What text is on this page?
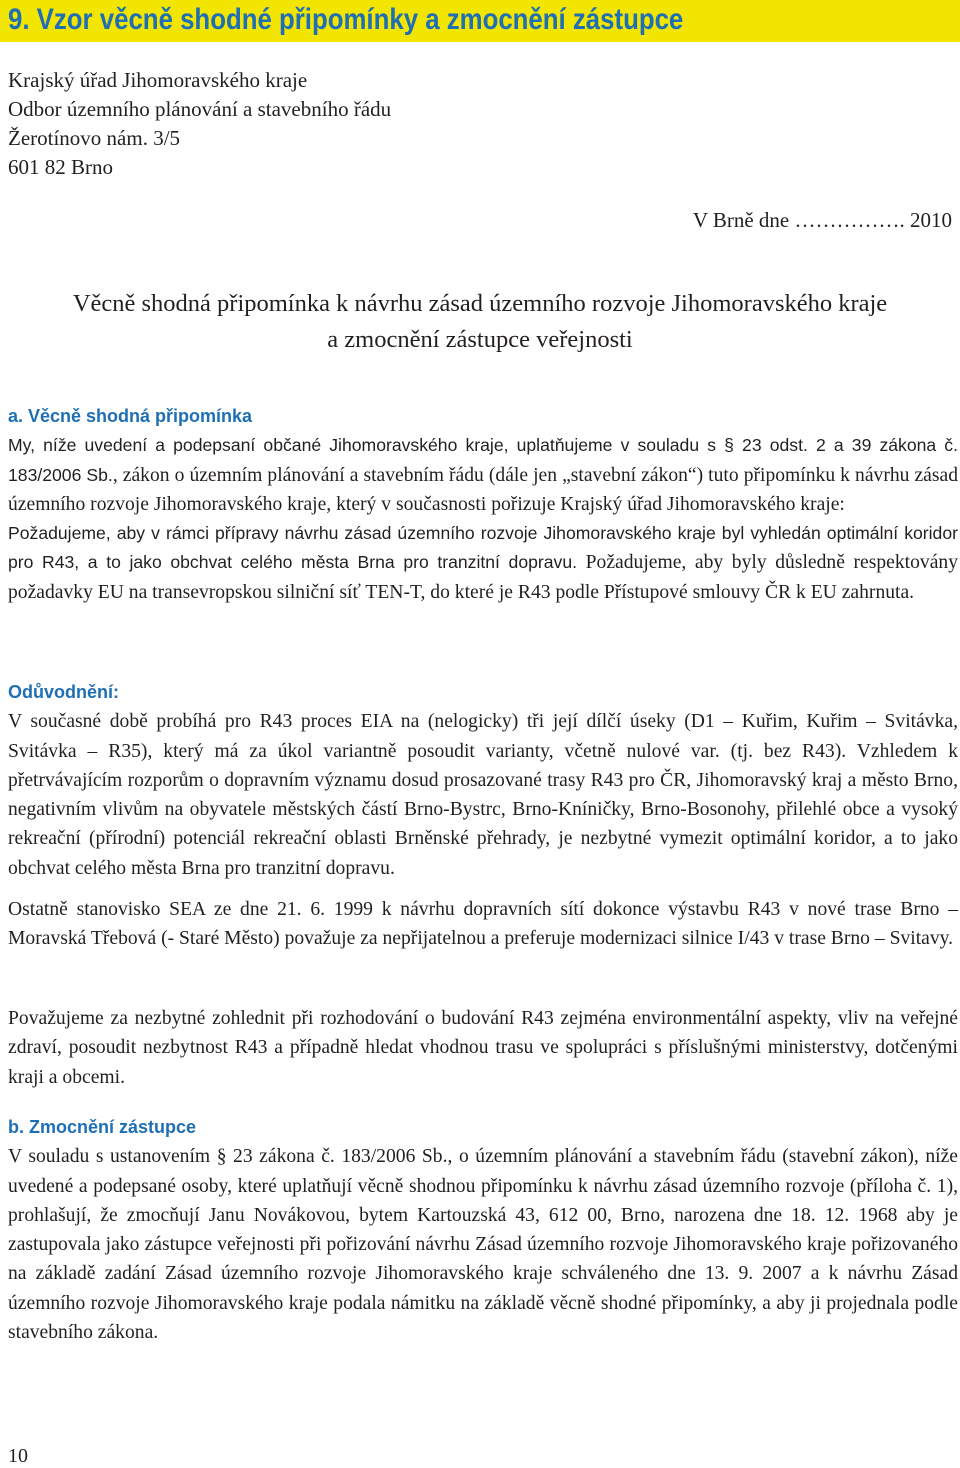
9. Vzor věcně shodné připomínky a zmocnění zástupce
Krajský úřad Jihomoravského kraje
Odbor územního plánování a stavebního řádu
Žerotínovo nám. 3/5
601 82 Brno
V Brně dne ……………. 2010
Věcně shodná připomínka k návrhu zásad územního rozvoje Jihomoravského kraje
a zmocnění zástupce veřejnosti
a. Věcně shodná připomínka
My, níže uvedení a podepsaní občané Jihomoravského kraje, uplatňujeme v souladu s § 23 odst. 2 a 39 zákona č. 183/2006 Sb., zákon o územním plánování a stavebním řádu (dále jen „stavební zákon“) tuto připomínku k návrhu zásad územního rozvoje Jihomoravského kraje, který v současnosti pořizuje Krajský úřad Jihomoravského kraje:
Požadujeme, aby v rámci přípravy návrhu zásad územního rozvoje Jihomoravského kraje byl vyhledán optimální koridor pro R43, a to jako obchvat celého města Brna pro tranzitní dopravu. Požadujeme, aby byly důsledně respektovány požadavky EU na transevropskou silniční síť TEN-T, do které je R43 podle Přístupové smlouvy ČR k EU zahrnuta.
Odůvodnění:
V současné době probíhá pro R43 proces EIA na (nelogicky) tři její dílčí úseky (D1 – Kuřim, Kuřim – Svitávka, Svitávka – R35), který má za úkol variantně posoudit varianty, včetně nulové var. (tj. bez R43). Vzhledem k přetrvávajícím rozporům o dopravním významu dosud prosazované trasy R43 pro ČR, Jihomoravský kraj a město Brno, negativním vlivům na obyvatele městských částí Brno-Bystrc, Brno-Kníničky, Brno-Bosonohy, přilehlé obce a vysoký rekreační (přírodní) potenciál rekreační oblasti Brněnské přehrady, je nezbytné vymezit optimální koridor, a to jako obchvat celého města Brna pro tranzitní dopravu.
Ostatně stanovisko SEA ze dne 21. 6. 1999 k návrhu dopravních sítí dokonce výstavbu R43 v nové trase Brno – Moravská Třebová (- Staré Město) považuje za nepřijatelnou a preferuje modernizaci silnice I/43 v trase Brno – Svitavy.
Považujeme za nezbytné zohlednit při rozhodování o budování R43 zejména environmentální aspekty, vliv na veřejné zdraví, posoudit nezbytnost R43 a případně hledat vhodnou trasu ve spolupráci s příslušnými ministerstvy, dotčenými kraji a obcemi.
b. Zmocnění zástupce
V souladu s ustanovením § 23 zákona č. 183/2006 Sb., o územním plánování a stavebním řádu (stavební zákon), níže uvedené a podepsané osoby, které uplatňují věcně shodnou připomínku k návrhu zásad územního rozvoje (příloha č. 1), prohlašují, že zmocňují Janu Novákovou, bytem Kartouzská 43, 612 00, Brno, narozena dne 18. 12. 1968 aby je zastupovala jako zástupce veřejnosti při pořizování návrhu Zásad územního rozvoje Jihomoravského kraje pořizovaného na základě zadání Zásad územního rozvoje Jihomoravského kraje schváleného dne 13. 9. 2007 a k návrhu Zásad územního rozvoje Jihomoravského kraje podala námitku na základě věcně shodné připomínky, a aby ji projednala podle stavebního zákona.
10
